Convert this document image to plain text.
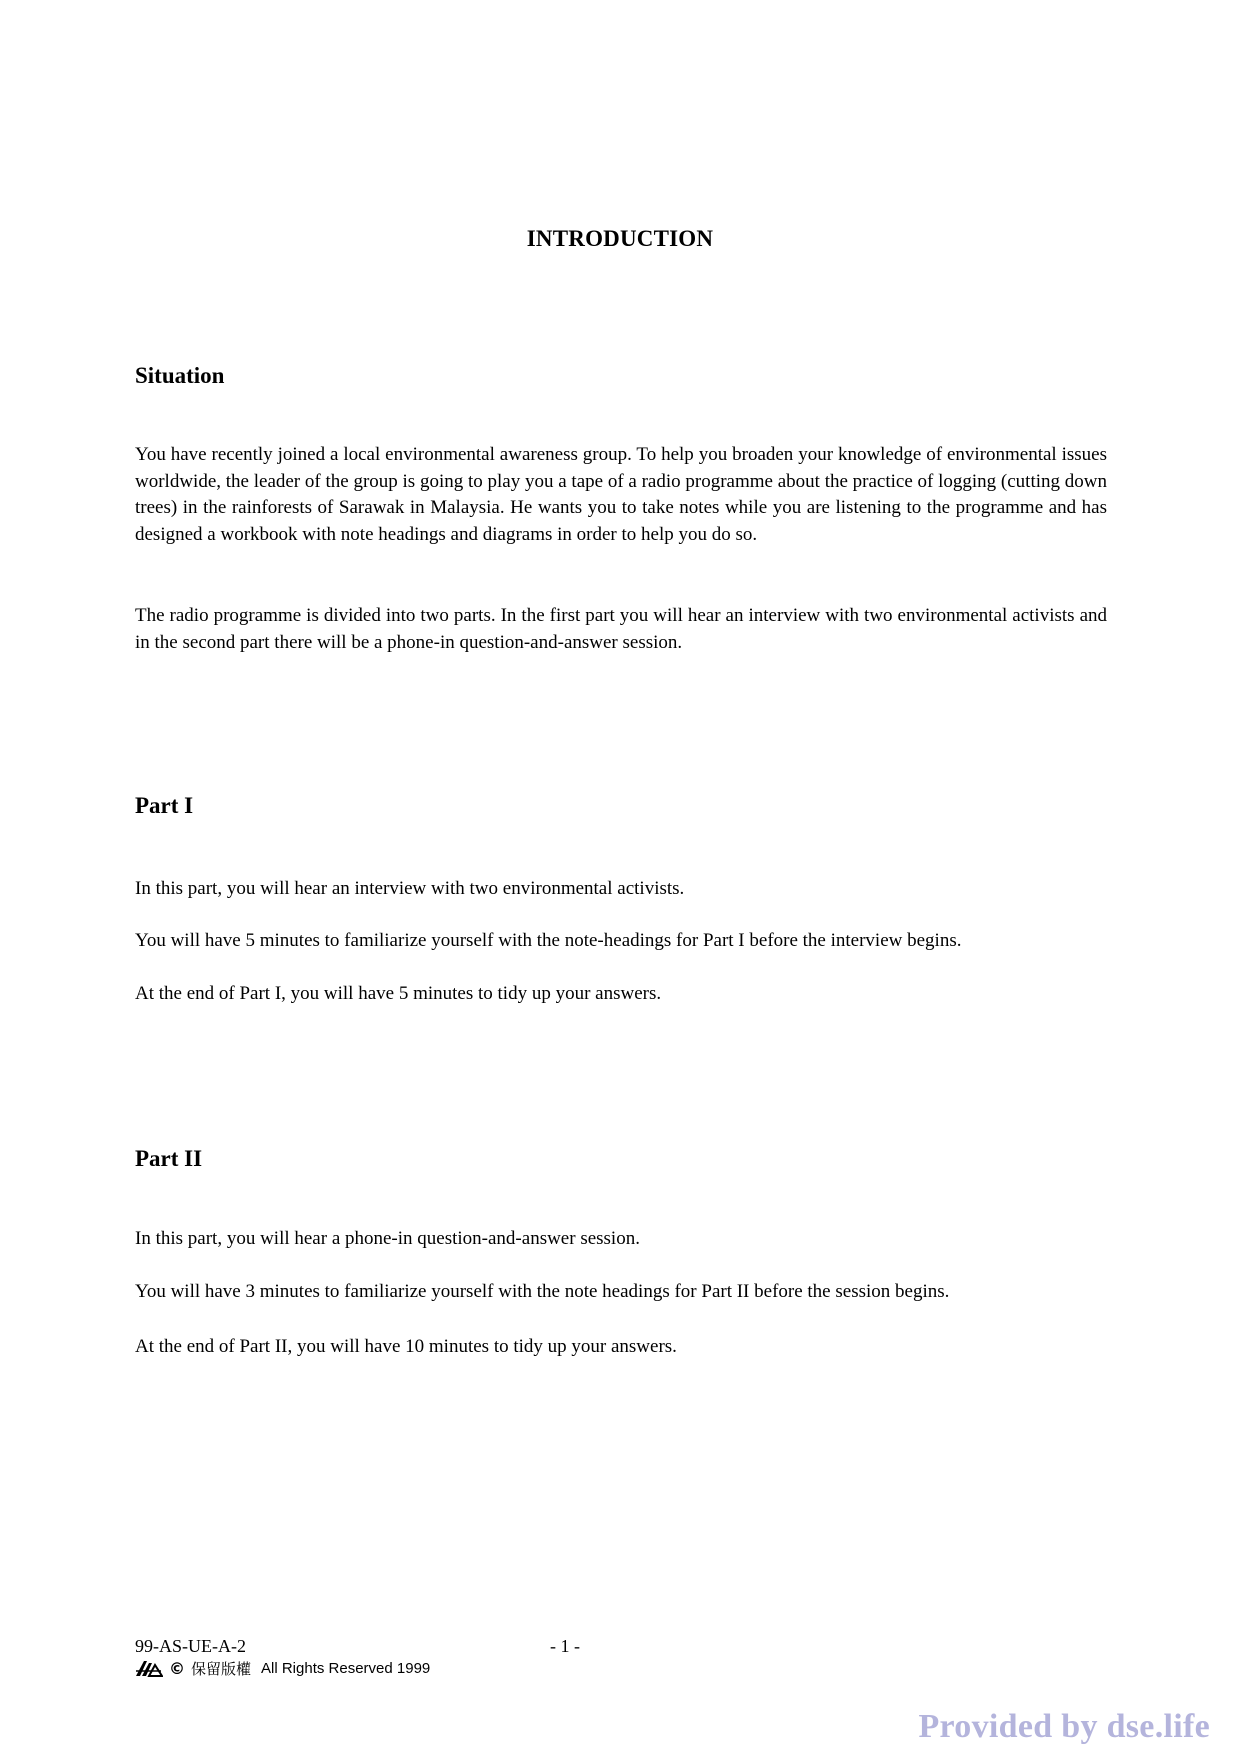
INTRODUCTION
Situation
You have recently joined a local environmental awareness group. To help you broaden your knowledge of environmental issues worldwide, the leader of the group is going to play you a tape of a radio programme about the practice of logging (cutting down trees) in the rainforests of Sarawak in Malaysia. He wants you to take notes while you are listening to the programme and has designed a workbook with note headings and diagrams in order to help you do so.
The radio programme is divided into two parts. In the first part you will hear an interview with two environmental activists and in the second part there will be a phone-in question-and-answer session.
Part I
In this part, you will hear an interview with two environmental activists.
You will have 5 minutes to familiarize yourself with the note-headings for Part I before the interview begins.
At the end of Part I, you will have 5 minutes to tidy up your answers.
Part II
In this part, you will hear a phone-in question-and-answer session.
You will have 3 minutes to familiarize yourself with the note headings for Part II before the session begins.
At the end of Part II, you will have 10 minutes to tidy up your answers.
99-AS-UE-A-2	- 1 -
© 保留版權 All Rights Reserved 1999
Provided by dse.life
